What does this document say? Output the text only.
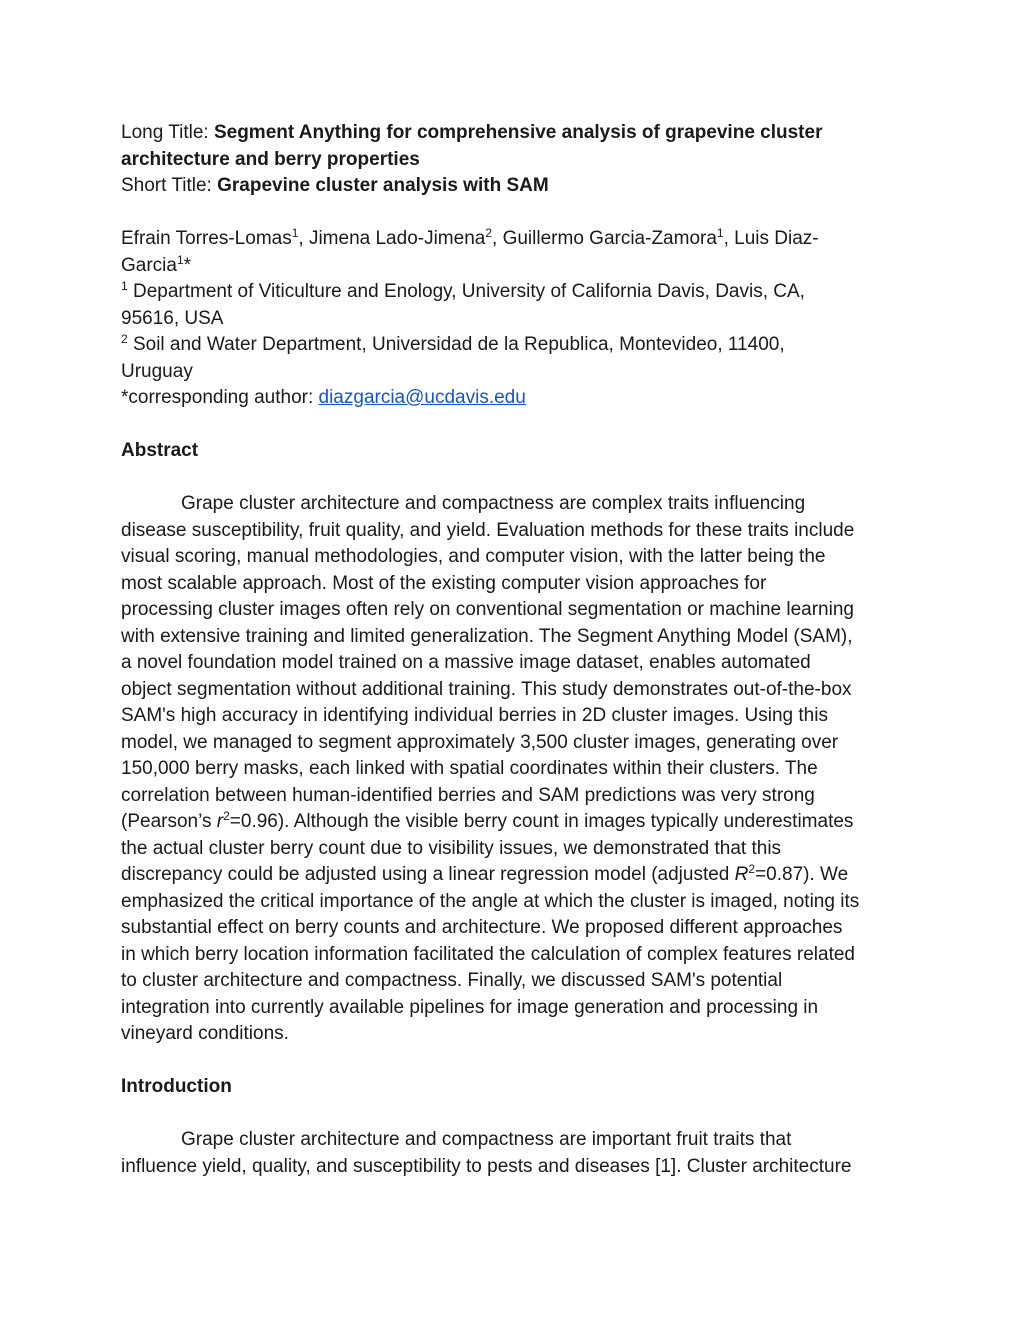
Long Title: Segment Anything for comprehensive analysis of grapevine cluster
architecture and berry properties
Short Title: Grapevine cluster analysis with SAM
Efrain Torres-Lomas$^1$, Jimena Lado-Jimena$^2$, Guillermo Garcia-Zamora$^1$, Luis Diaz-
Garcia$^1$*
$^1$ Department of Viticulture and Enology, University of California Davis, Davis, CA,
95616, USA
$^2$ Soil and Water Department, Universidad de la Republica, Montevideo, 11400,
Uruguay
*corresponding author: diazgarcia@ucdavis.edu
Abstract
Grape cluster architecture and compactness are complex traits influencing
disease susceptibility, fruit quality, and yield. Evaluation methods for these traits include
visual scoring, manual methodologies, and computer vision, with the latter being the
most scalable approach. Most of the existing computer vision approaches for
processing cluster images often rely on conventional segmentation or machine learning
with extensive training and limited generalization. The Segment Anything Model (SAM),
a novel foundation model trained on a massive image dataset, enables automated
object segmentation without additional training. This study demonstrates out-of-the-box
SAM's high accuracy in identifying individual berries in 2D cluster images. Using this
model, we managed to segment approximately 3,500 cluster images, generating over
150,000 berry masks, each linked with spatial coordinates within their clusters. The
correlation between human-identified berries and SAM predictions was very strong
(Pearson’s $r^2=0.96$). Although the visible berry count in images typically underestimates
the actual cluster berry count due to visibility issues, we demonstrated that this
discrepancy could be adjusted using a linear regression model (adjusted $R^2=0.87$). We
emphasized the critical importance of the angle at which the cluster is imaged, noting its
substantial effect on berry counts and architecture. We proposed different approaches
in which berry location information facilitated the calculation of complex features related
to cluster architecture and compactness. Finally, we discussed SAM's potential
integration into currently available pipelines for image generation and processing in
vineyard conditions.
Introduction
Grape cluster architecture and compactness are important fruit traits that
influence yield, quality, and susceptibility to pests and diseases [1]. Cluster architecture
